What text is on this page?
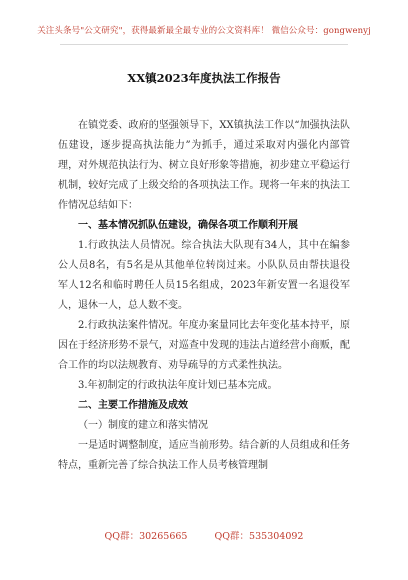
关注头条号"公文研究"，获得最新最全最专业的公文资料库！ 微信公众号：gongwenyj
XX镇2023年度执法工作报告

在镇党委、政府的坚强领导下，XX镇执法工作以“加强执法队伍建设，逐步提高执法能力”为抓手，通过采取对内强化内部管理，对外规范执法行为、树立良好形象等措施，初步建立平稳运行机制，较好完成了上级交给的各项执法工作。现将一年来的执法工作情况总结如下：

一、基本情况抓队伍建设，确保各项工作顺利开展

1.行政执法人员情况。综合执法大队现有34人，其中在编参公人员8名，有5名是从其他单位转岗过来。小队队员由帮扶退役军人12名和临时聘任人员15名组成，2023年新安置一名退役军人，退休一人，总人数不变。

2.行政执法案件情况。年度办案量同比去年变化基本持平，原因在于经济形势不景气，对巡查中发现的违法占道经营小商贩，配合工作的均以法规教育、劝导疏导的方式柔性执法。

3.年初制定的行政执法年度计划已基本完成。

二、主要工作措施及成效

（一）制度的建立和落实情况

一是适时调整制度，适应当前形势。结合新的人员组成和任务特点，重新完善了综合执法工作人员考核管理制

QQ群：30265665	QQ群：535304092
